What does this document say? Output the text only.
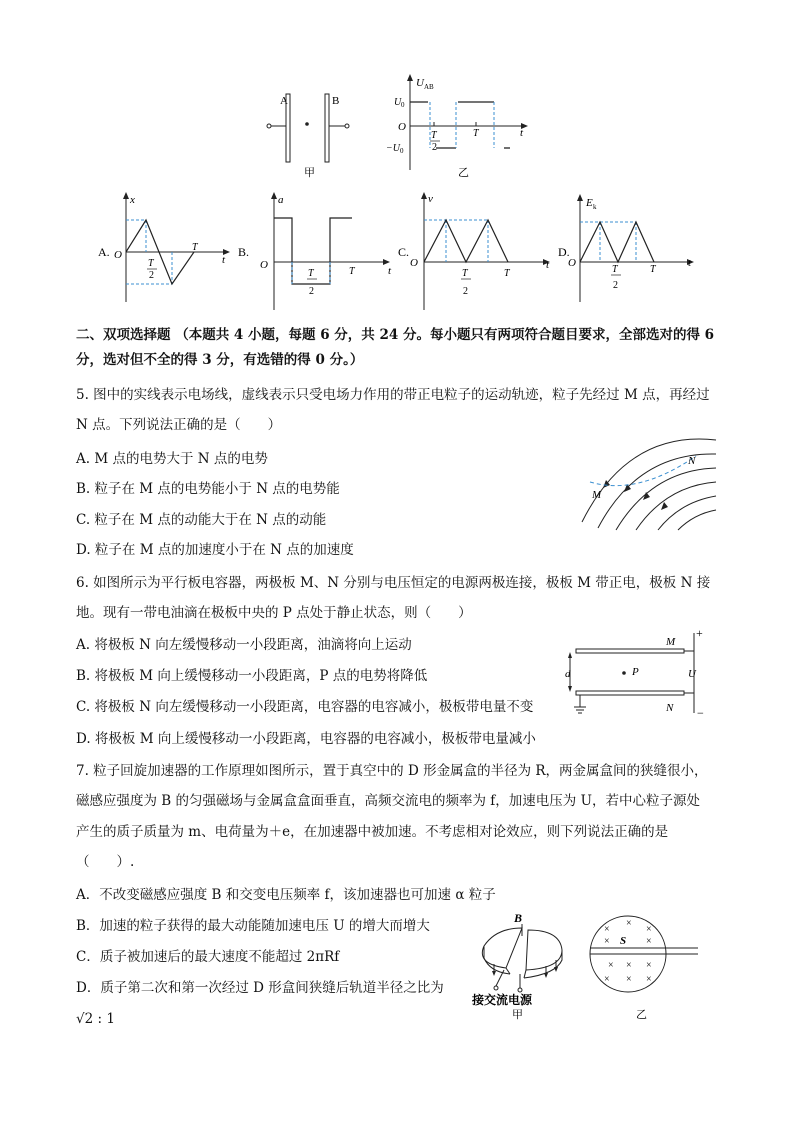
A	B
甲
U AB
U 0
−U 0
O	t
T
2
T
乙
A.
x
O	t
T
T
2
B.
a
O	t
T
2
T
C.
v
O	t
T
2
T
D.
E k
O	t
T
2
T
二、双项选择题 （本题共 4 小题，每题 6 分，共 24 分。每小题只有两项符合题目要求，全部选对的得 6
分，选对但不全的得 3 分，有选错的得 0 分。）
5. 图中的实线表示电场线，虚线表示只受电场力作用的带正电粒子的运动轨迹，粒子先经过 M 点，再经过
N 点。下列说法正确的是（　　）
A. M 点的电势大于 N 点的电势
B. 粒子在 M 点的电势能小于 N 点的电势能
C. 粒子在 M 点的动能大于在 N 点的动能
D. 粒子在 M 点的加速度小于在 N 点的加速度
M
N
6. 如图所示为平行板电容器，两极板 M、N 分别与电压恒定的电源两极连接，极板 M 带正电，极板 N 接
地。现有一带电油滴在极板中央的 P 点处于静止状态，则（　　）
A. 将极板 N 向左缓慢移动一小段距离，油滴将向上运动
B. 将极板 M 向上缓慢移动一小段距离，P 点的电势将降低
C. 将极板 N 向左缓慢移动一小段距离，电容器的电容减小，极板带电量不变
D. 将极板 M 向上缓慢移动一小段距离，电容器的电容减小，极板带电量减小
+
−
M
N
P
d	U
7. 粒子回旋加速器的工作原理如图所示，置于真空中的 D 形金属盒的半径为 R，两金属盒间的狭缝很小，
磁感应强度为 B 的匀强磁场与金属盒盒面垂直，高频交流电的频率为 f，加速电压为 U，若中心粒子源处
产生的质子质量为 m、电荷量为＋e，在加速器中被加速。不考虑相对论效应，则下列说法正确的是
（　　）.
A．不改变磁感应强度 B 和交变电压频率 f，该加速器也可加速 α 粒子
B．加速的粒子获得的最大动能随加速电压 U 的增大而增大
C．质子被加速后的最大速度不能超过 2πRf
D．质子第二次和第一次经过 D 形盒间狭缝后轨道半径之比为
√2 : 1
B
接交流电源
甲
×
×
×
×	×
S
× × ×
× × ×
乙
